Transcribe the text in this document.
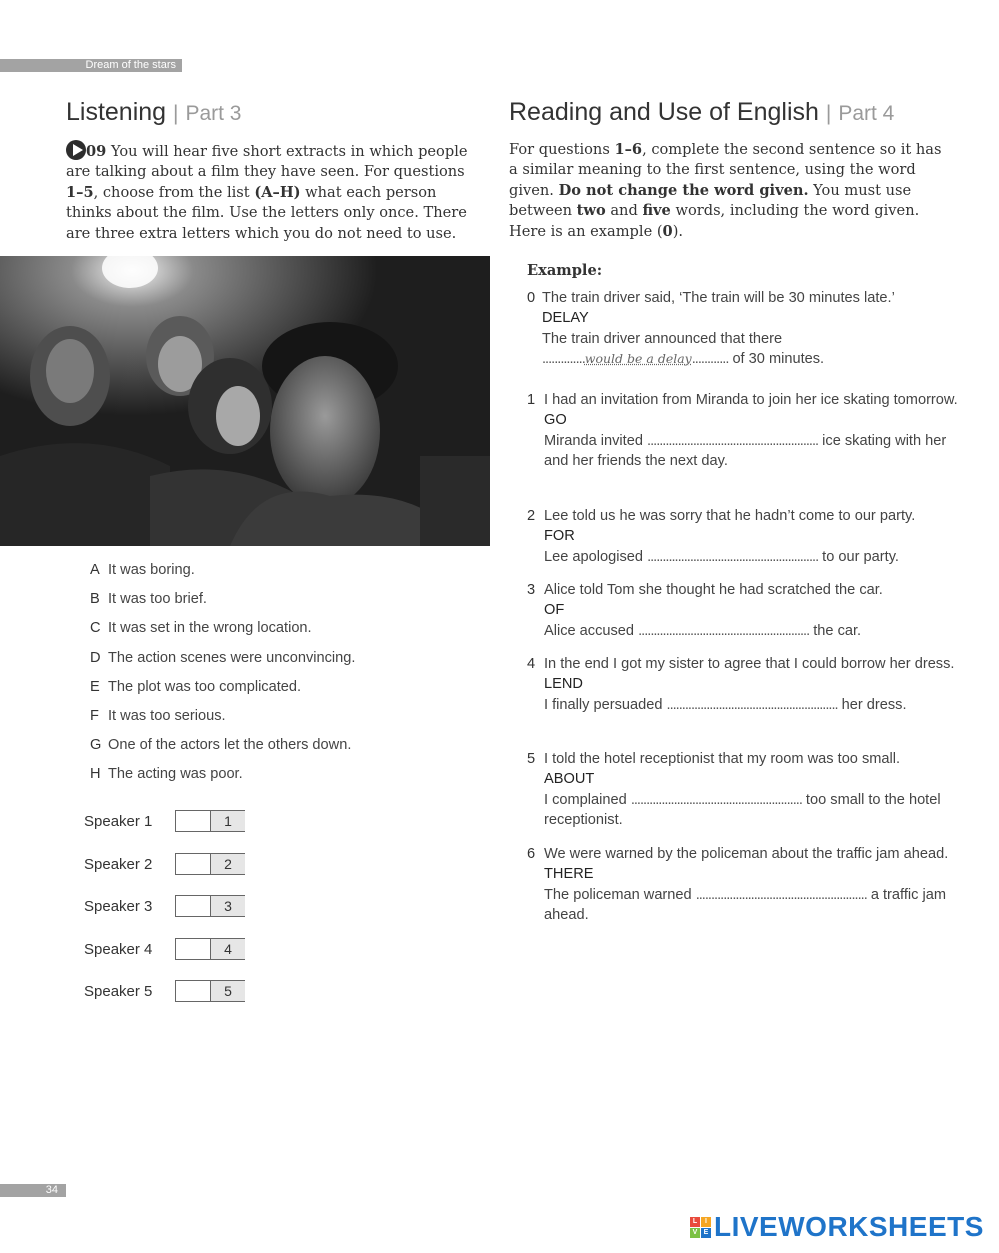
Dream of the stars
Listening | Part 3
09 You will hear five short extracts in which people are talking about a film they have seen. For questions 1–5, choose from the list (A–H) what each person thinks about the film. Use the letters only once. There are three extra letters which you do not need to use.
A It was boring.
B It was too brief.
C It was set in the wrong location.
D The action scenes were unconvincing.
E The plot was too complicated.
F It was too serious.
G One of the actors let the others down.
H The acting was poor.
Speaker 1	1
Speaker 2	2
Speaker 3	3
Speaker 4	4
Speaker 5	5
Reading and Use of English | Part 4
For questions 1–6, complete the second sentence so it has a similar meaning to the first sentence, using the word given. Do not change the word given. You must use between two and five words, including the word given. Here is an example (0).
Example:
0 The train driver said, ‘The train will be 30 minutes late.’
DELAY
The train driver announced that there
..............would be a delay............ of 30 minutes.
1 I had an invitation from Miranda to join her ice skating tomorrow.
GO
Miranda invited ........................................................ ice skating with her and her friends the next day.
2 Lee told us he was sorry that he hadn’t come to our party.
FOR
Lee apologised ........................................................ to our party.
3 Alice told Tom she thought he had scratched the car.
OF
Alice accused ........................................................ the car.
4 In the end I got my sister to agree that I could borrow her dress.
LEND
I finally persuaded ........................................................ her dress.
5 I told the hotel receptionist that my room was too small.
ABOUT
I complained ........................................................ too small to the hotel receptionist.
6 We were warned by the policeman about the traffic jam ahead.
THERE
The policeman warned ........................................................ a traffic jam ahead.
34
L	I
V E LIVEWORKSHEETS
